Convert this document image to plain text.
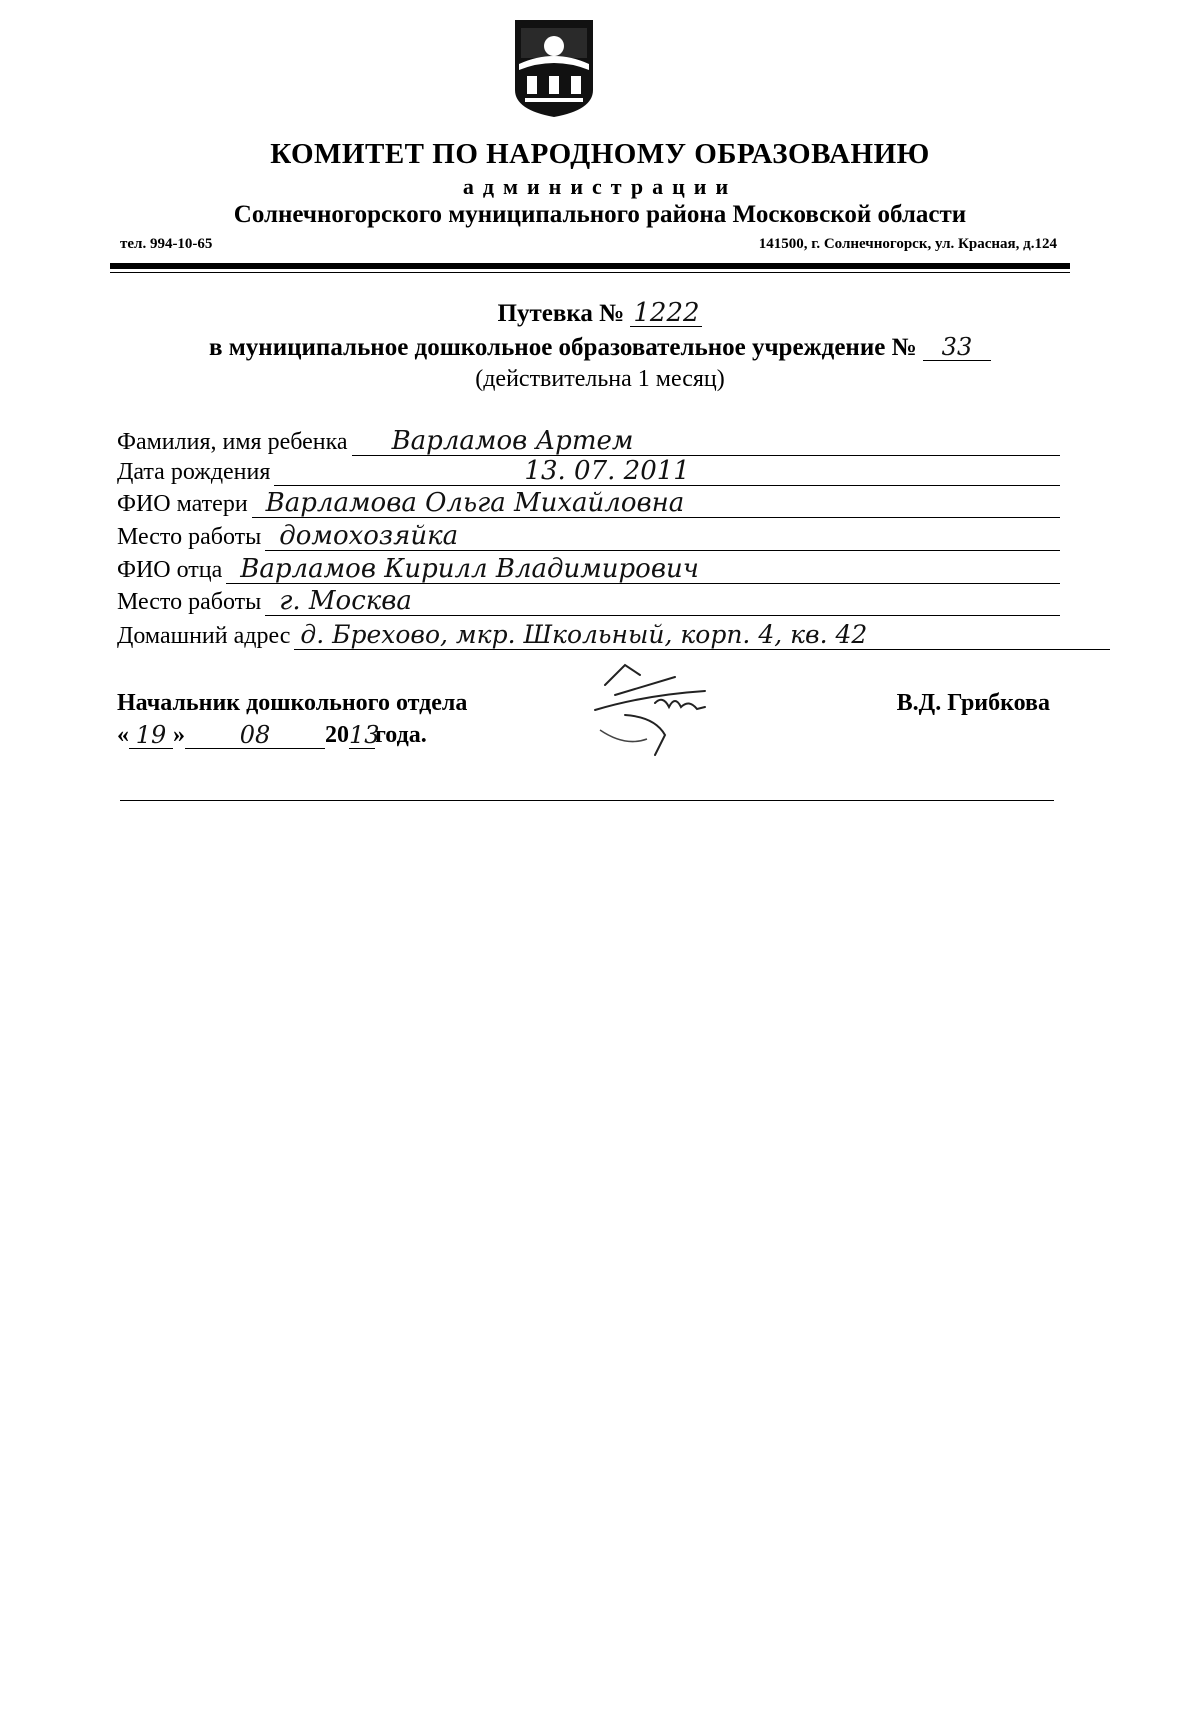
КОМИТЕТ ПО НАРОДНОМУ ОБРАЗОВАНИЮ
администрации
Солнечногорского муниципального района Московской области
тел. 994-10-65	141500, г. Солнечногорск, ул. Красная, д.124
Путевка № 1222
в муниципальное дошкольное образовательное учреждение № 33
(действительна 1 месяц)
Фамилия, имя ребенка	Варламов Артем
Дата рождения	13. 07. 2011
ФИО матери Варламова Ольга Михайловна
Место работы домохозяйка
ФИО отца Варламов Кирилл Владимирович
Место работы г. Москва
Домашний адрес д. Брехово, мкр. Школьный, корп. 4, кв. 42
Начальник дошкольного отдела
« 19 »	08	20 13
года.
В.Д. Грибкова
